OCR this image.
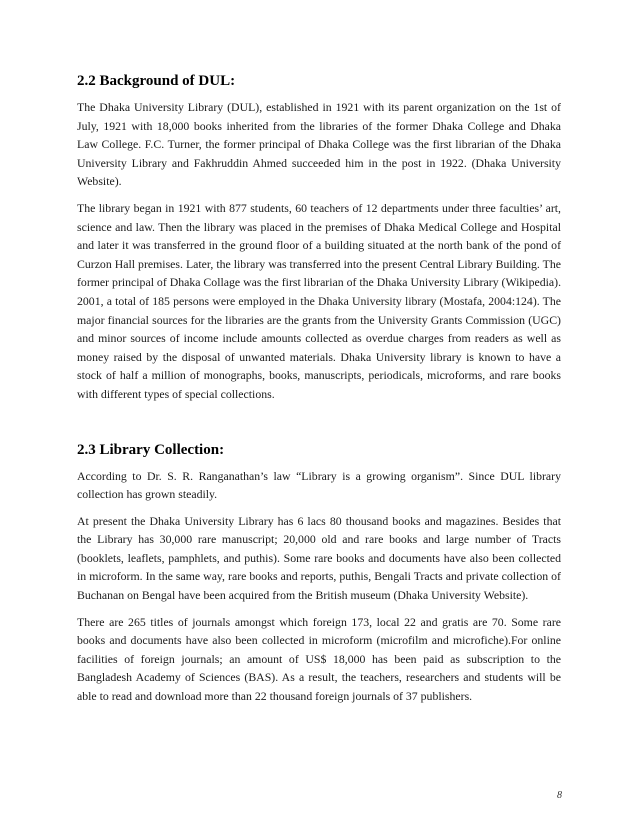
2.2 Background of DUL:

The Dhaka University Library (DUL), established in 1921 with its parent organization on the 1st of July, 1921 with 18,000 books inherited from the libraries of the former Dhaka College and Dhaka Law College. F.C. Turner, the former principal of Dhaka College was the first librarian of the Dhaka University Library and Fakhruddin Ahmed succeeded him in the post in 1922. (Dhaka University Website).

The library began in 1921 with 877 students, 60 teachers of 12 departments under three faculties’ art, science and law. Then the library was placed in the premises of Dhaka Medical College and Hospital and later it was transferred in the ground floor of a building situated at the north bank of the pond of Curzon Hall premises. Later, the library was transferred into the present Central Library Building. The former principal of Dhaka Collage was the first librarian of the Dhaka University Library (Wikipedia). 2001, a total of 185 persons were employed in the Dhaka University library (Mostafa, 2004:124). The major financial sources for the libraries are the grants from the University Grants Commission (UGC) and minor sources of income include amounts collected as overdue charges from readers as well as money raised by the disposal of unwanted materials. Dhaka University library is known to have a stock of half a million of monographs, books, manuscripts, periodicals, microforms, and rare books with different types of special collections.

2.3 Library Collection:

According to Dr. S. R. Ranganathan’s law “Library is a growing organism”. Since DUL library collection has grown steadily.

At present the Dhaka University Library has 6 lacs 80 thousand books and magazines. Besides that the Library has 30,000 rare manuscript; 20,000 old and rare books and large number of Tracts (booklets, leaflets, pamphlets, and puthis). Some rare books and documents have also been collected in microform. In the same way, rare books and reports, puthis, Bengali Tracts and private collection of Buchanan on Bengal have been acquired from the British museum (Dhaka University Website).

There are 265 titles of journals amongst which foreign 173, local 22 and gratis are 70. Some rare books and documents have also been collected in microform (microfilm and microfiche).For online facilities of foreign journals; an amount of US$ 18,000 has been paid as subscription to the Bangladesh Academy of Sciences (BAS). As a result, the teachers, researchers and students will be able to read and download more than 22 thousand foreign journals of 37 publishers.

8
